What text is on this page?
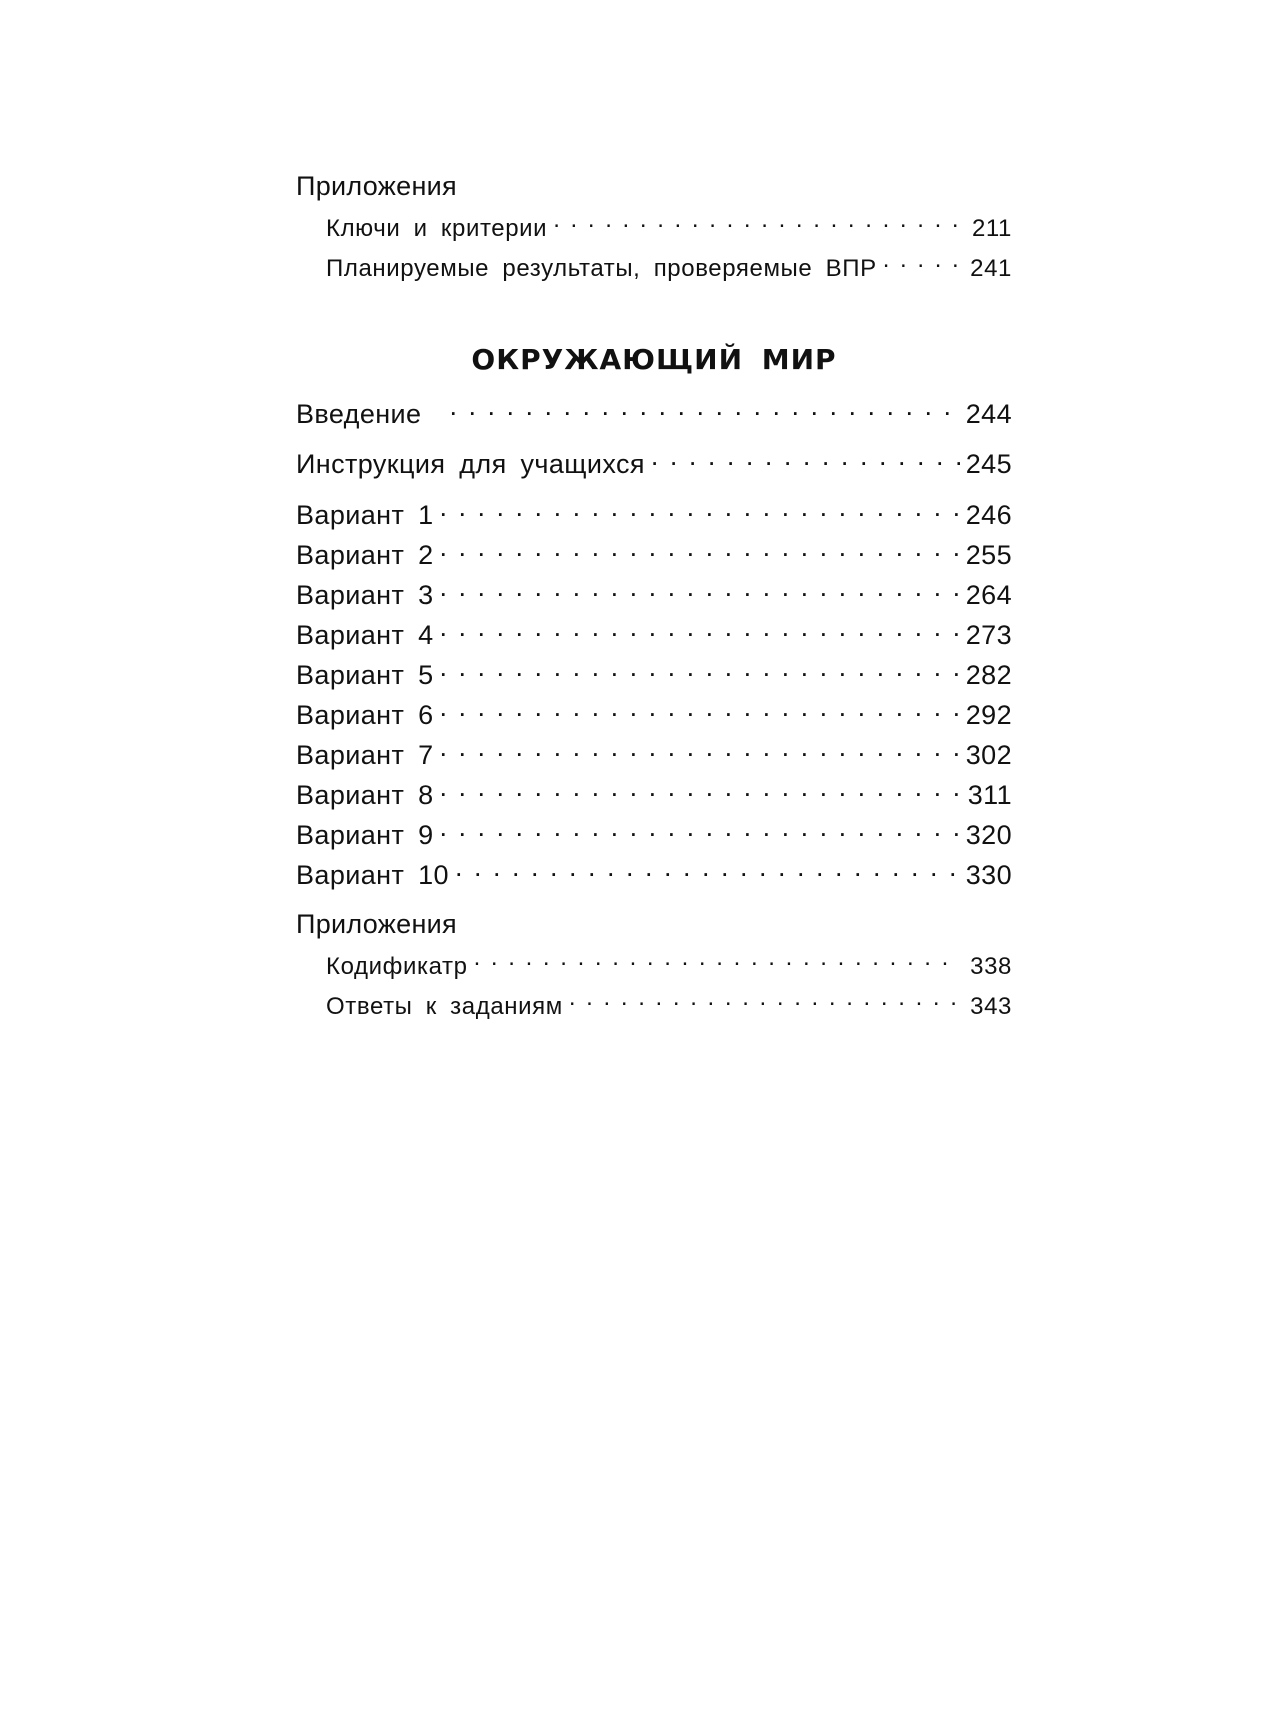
Приложения
Ключи и критерии . . .	211
Планируемые результаты, проверяемые ВПР . . .	241
ОКРУЖАЮЩИЙ МИР
Введение . . .	244
Инструкция для учащихся . . .	245
Вариант 1 . . .	246
Вариант 2 . . .	255
Вариант 3 . . .	264
Вариант 4 . . .	273
Вариант 5 . . .	282
Вариант 6 . . .	292
Вариант 7 . . .	302
Вариант 8 . . .	311
Вариант 9 . . .	320
Вариант 10 . . .	330
Приложения
Кодификатр . . .	338
Ответы к заданиям . . .	343
